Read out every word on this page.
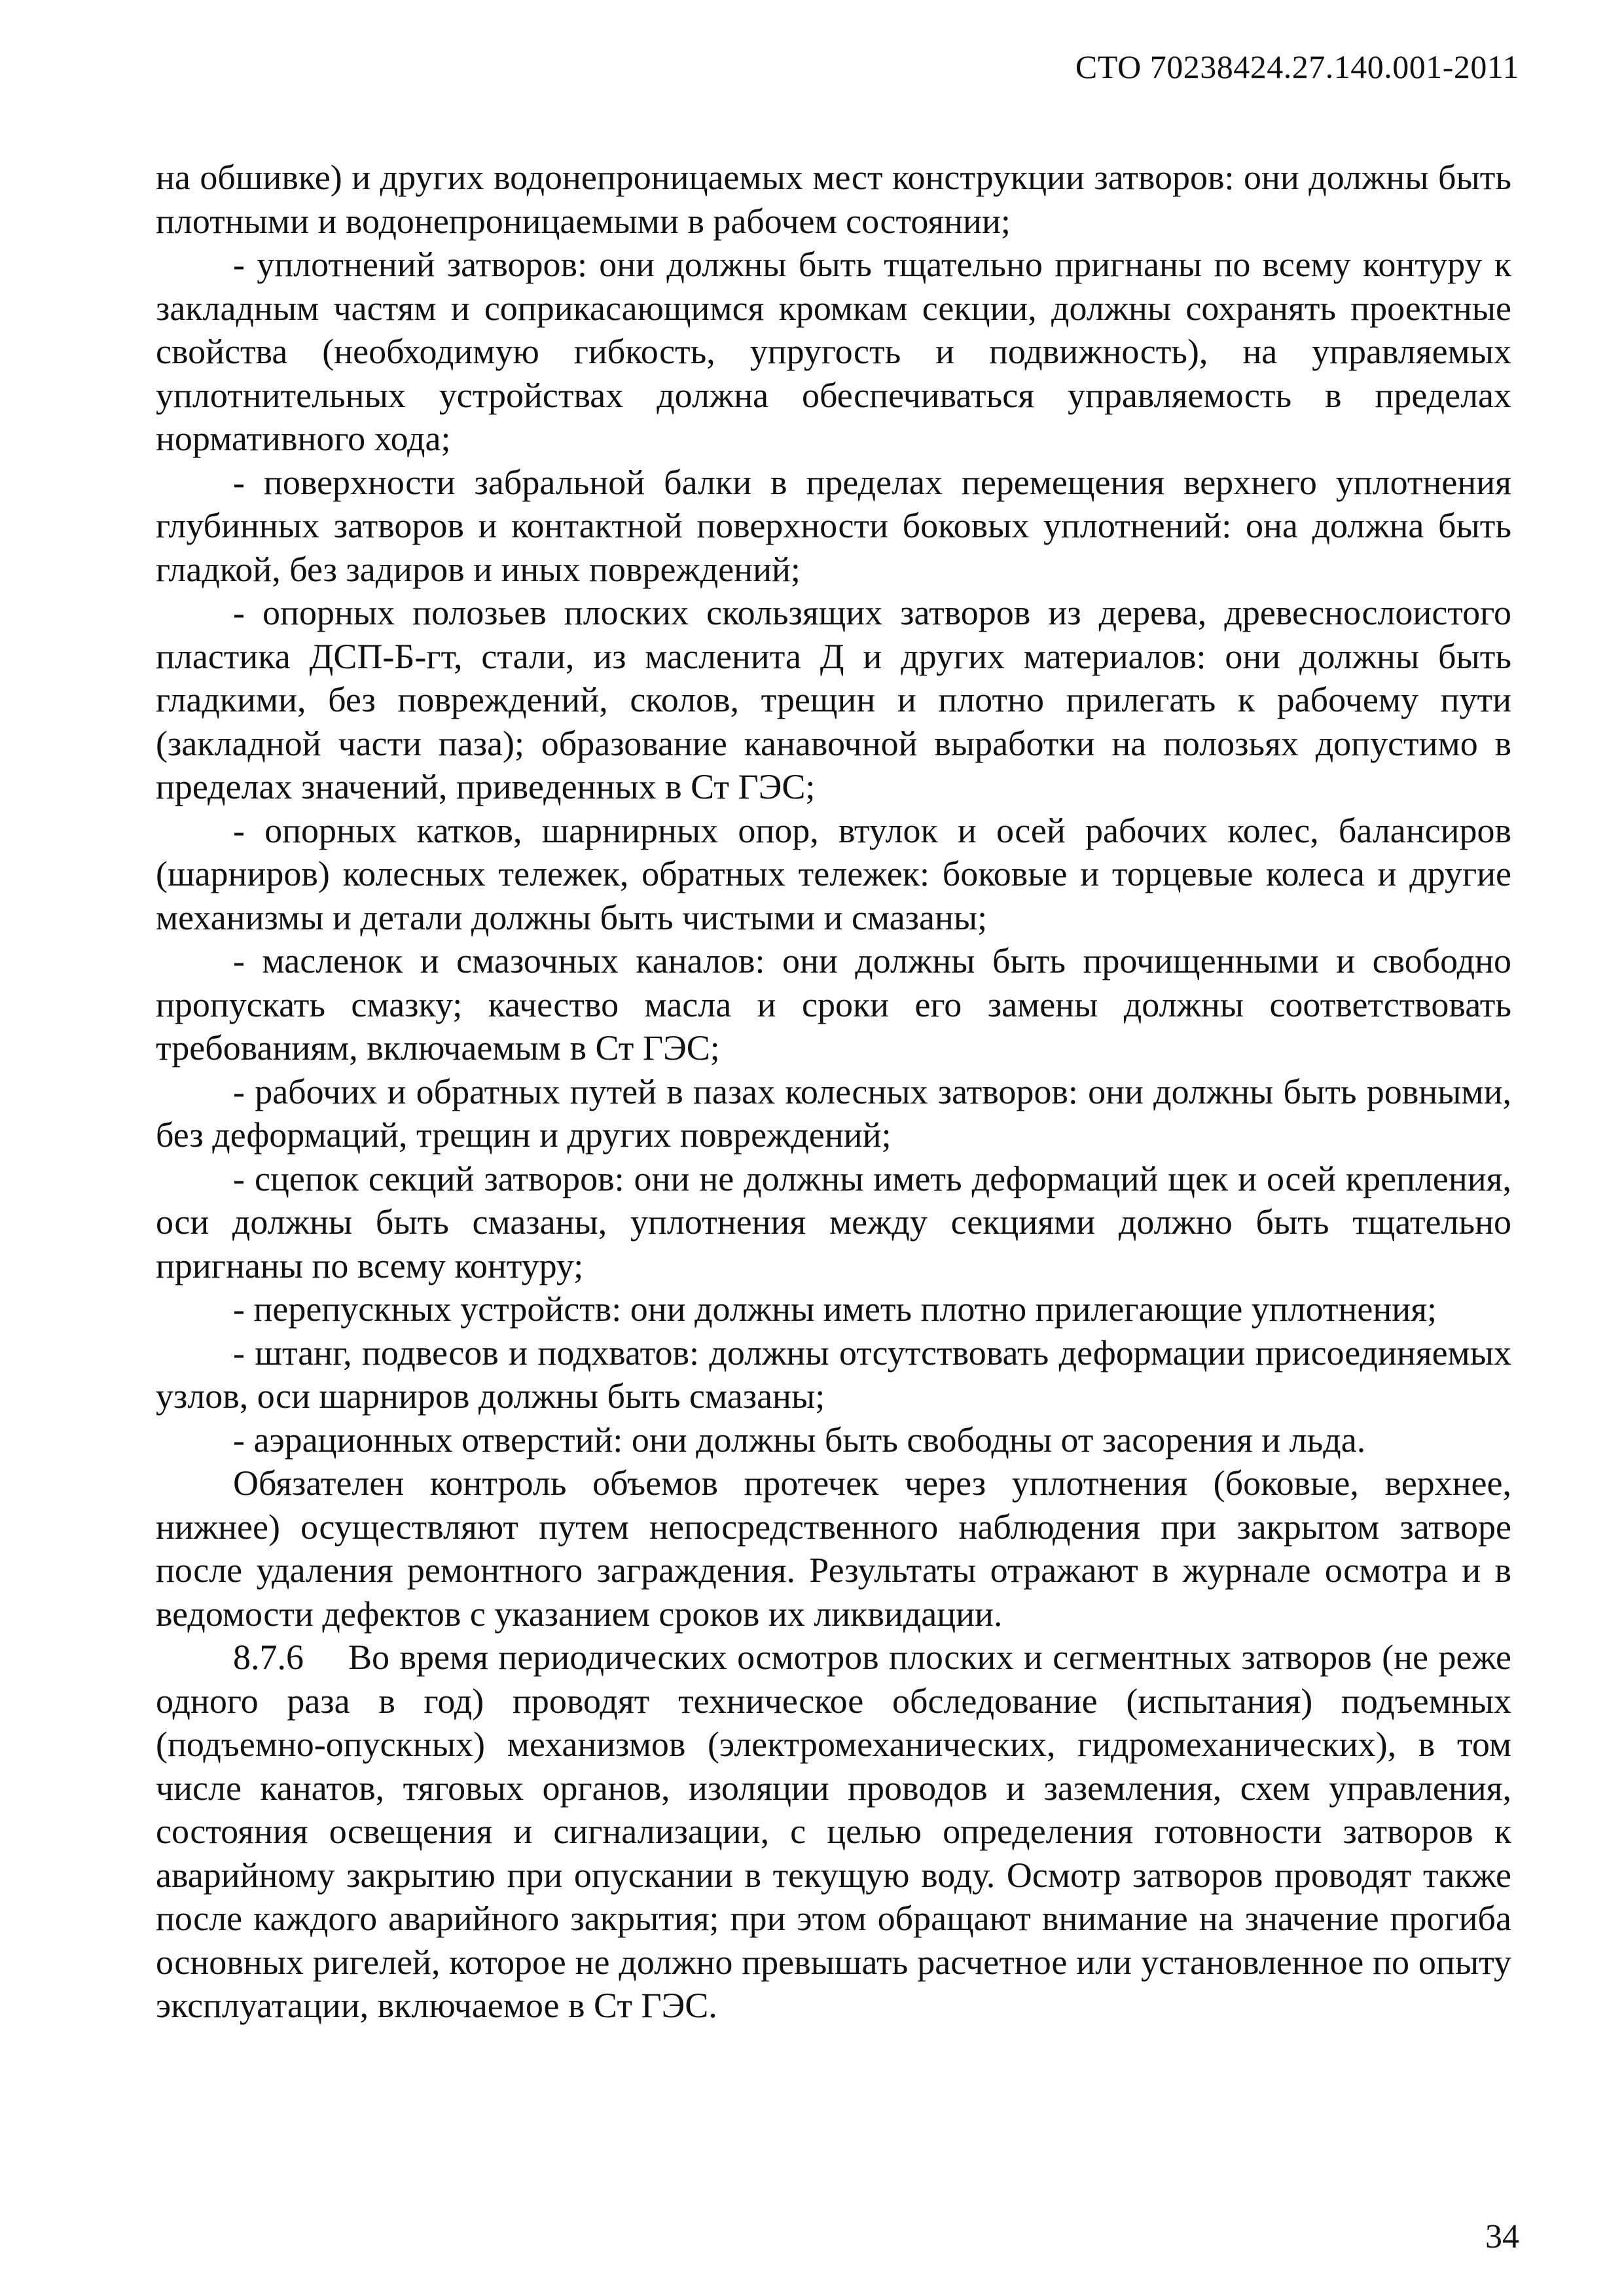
СТО 70238424.27.140.001-2011

на обшивке) и других водонепроницаемых мест конструкции затворов: они должны быть плотными и водонепроницаемыми в рабочем состоянии;

- уплотнений затворов: они должны быть тщательно пригнаны по всему контуру к закладным частям и соприкасающимся кромкам секции, должны сохранять проектные свойства (необходимую гибкость, упругость и подвижность), на управляемых уплотнительных устройствах должна обеспечиваться управляемость в пределах нормативного хода;

- поверхности забральной балки в пределах перемещения верхнего уплотнения глубинных затворов и контактной поверхности боковых уплотнений: она должна быть гладкой, без задиров и иных повреждений;

- опорных полозьев плоских скользящих затворов из дерева, древеснослоистого пластика ДСП-Б-гт, стали, из масленита Д и других материалов: они должны быть гладкими, без повреждений, сколов, трещин и плотно прилегать к рабочему пути (закладной части паза); образование канавочной выработки на полозьях допустимо в пределах значений, приведенных в Ст ГЭС;

- опорных катков, шарнирных опор, втулок и осей рабочих колес, балансиров (шарниров) колесных тележек, обратных тележек: боковые и торцевые колеса и другие механизмы и детали должны быть чистыми и смазаны;

- масленок и смазочных каналов: они должны быть прочищенными и свободно пропускать смазку; качество масла и сроки его замены должны соответствовать требованиям, включаемым в Ст ГЭС;

- рабочих и обратных путей в пазах колесных затворов: они должны быть ровными, без деформаций, трещин и других повреждений;

- сцепок секций затворов: они не должны иметь деформаций щек и осей крепления, оси должны быть смазаны, уплотнения между секциями должно быть тщательно пригнаны по всему контуру;

- перепускных устройств: они должны иметь плотно прилегающие уплотнения;

- штанг, подвесов и подхватов: должны отсутствовать деформации присоединяемых узлов, оси шарниров должны быть смазаны;

- аэрационных отверстий: они должны быть свободны от засорения и льда.

Обязателен контроль объемов протечек через уплотнения (боковые, верхнее, нижнее) осуществляют путем непосредственного наблюдения при закрытом затворе после удаления ремонтного заграждения. Результаты отражают в журнале осмотра и в ведомости дефектов с указанием сроков их ликвидации.

8.7.6 Во время периодических осмотров плоских и сегментных затворов (не реже одного раза в год) проводят техническое обследование (испытания) подъемных (подъемно-опускных) механизмов (электромеханических, гидромеханических), в том числе канатов, тяговых органов, изоляции проводов и заземления, схем управления, состояния освещения и сигнализации, с целью определения готовности затворов к аварийному закрытию при опускании в текущую воду. Осмотр затворов проводят также после каждого аварийного закрытия; при этом обращают внимание на значение прогиба основных ригелей, которое не должно превышать расчетное или установленное по опыту эксплуатации, включаемое в Ст ГЭС.

34
